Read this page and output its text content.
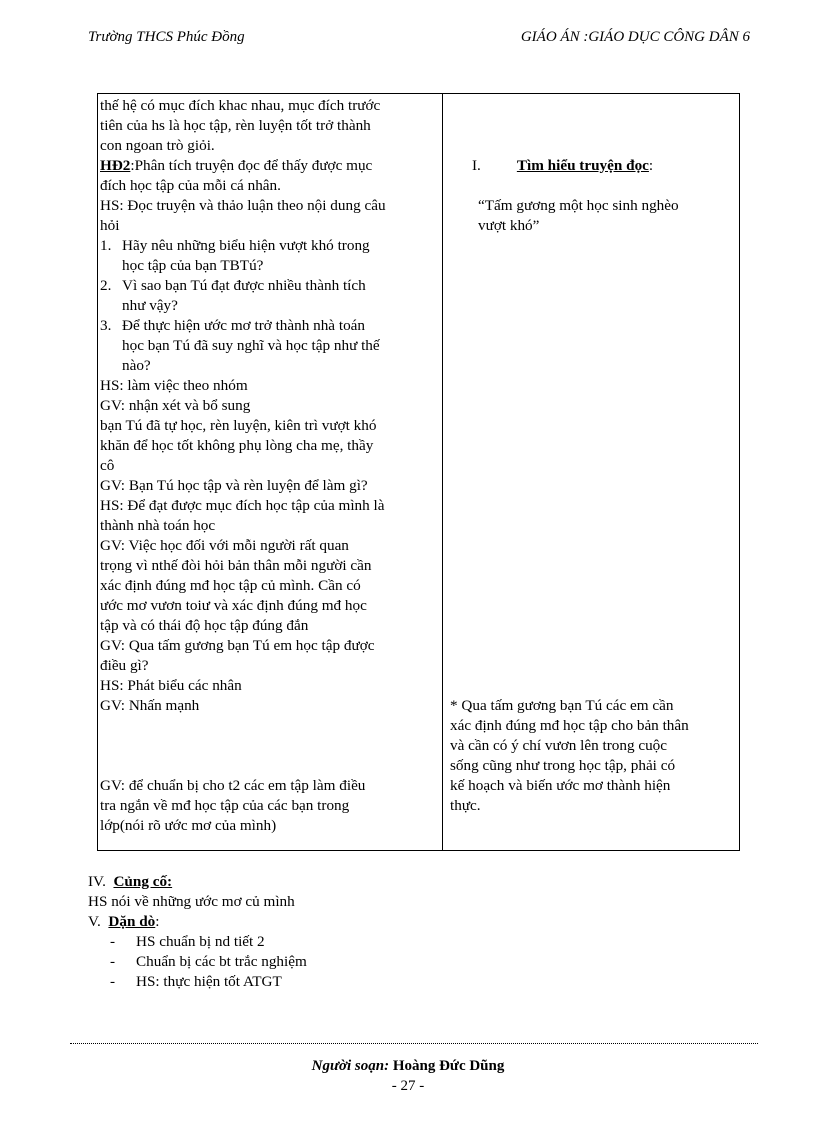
Trường THCS Phúc Đồng	GIÁO ÁN :GIÁO DỤC CÔNG DÂN 6
thế hệ có mục đích khac nhau, mục đích trước
tiên của hs là học tập, rèn luyện tốt trở thành
con ngoan trò giỏi.
HĐ2:Phân tích truyện đọc để thấy được mục
đích học tập của mỗi cá nhân.
HS: Đọc truyện và thảo luận theo nội dung câu
hỏi
1. Hãy nêu những biểu hiện vượt khó trong
học tập của bạn TBTú?
2. Vì sao bạn Tú đạt được nhiều thành tích
như vậy?
3. Để thực hiện ước mơ trở thành nhà toán
học bạn Tú đã suy nghĩ và học tập như thế
nào?
HS: làm việc theo nhóm
GV: nhận xét và bổ sung
bạn Tú đã tự học, rèn luyện, kiên trì vượt khó
khăn để học tốt không phụ lòng cha mẹ, thầy
cô
GV: Bạn Tú học tập và rèn luyện để làm gì?
HS: Để đạt được mục đích học tập của mình là
thành nhà toán học
GV: Việc học đối với mỗi người rất quan
trọng vì nthế đòi hỏi bản thân mỗi người cần
xác định đúng mđ học tập củ mình. Cần có
ước mơ vươn toiư và xác định đúng mđ học
tập và có thái độ học tập đúng đắn
GV: Qua tấm gương bạn Tú em học tập được
điều gì?
HS: Phát biểu các nhân
GV: Nhấn mạnh
GV: để chuẩn bị cho t2 các em tập làm điều
tra ngắn về mđ học tập của các bạn trong
lớp(nói rõ ước mơ của mình)
I. Tìm hiểu truyện đọc:
“Tấm gương một học sinh nghèo
vượt khó”
* Qua tấm gương bạn Tú các em cần
xác định đúng mđ học tập cho bản thân
và cần có ý chí vươn lên trong cuộc
sống cũng như trong học tập, phải có
kế hoạch và biến ước mơ thành hiện
thực.
IV. Củng cố:
HS nói về những ước mơ củ mình
V. Dặn dò:
- HS chuẩn bị nd tiết 2
- Chuẩn bị các bt trắc nghiệm
- HS: thực hiện tốt ATGT
Người soạn: Hoàng Đức Dũng
- 27 -
